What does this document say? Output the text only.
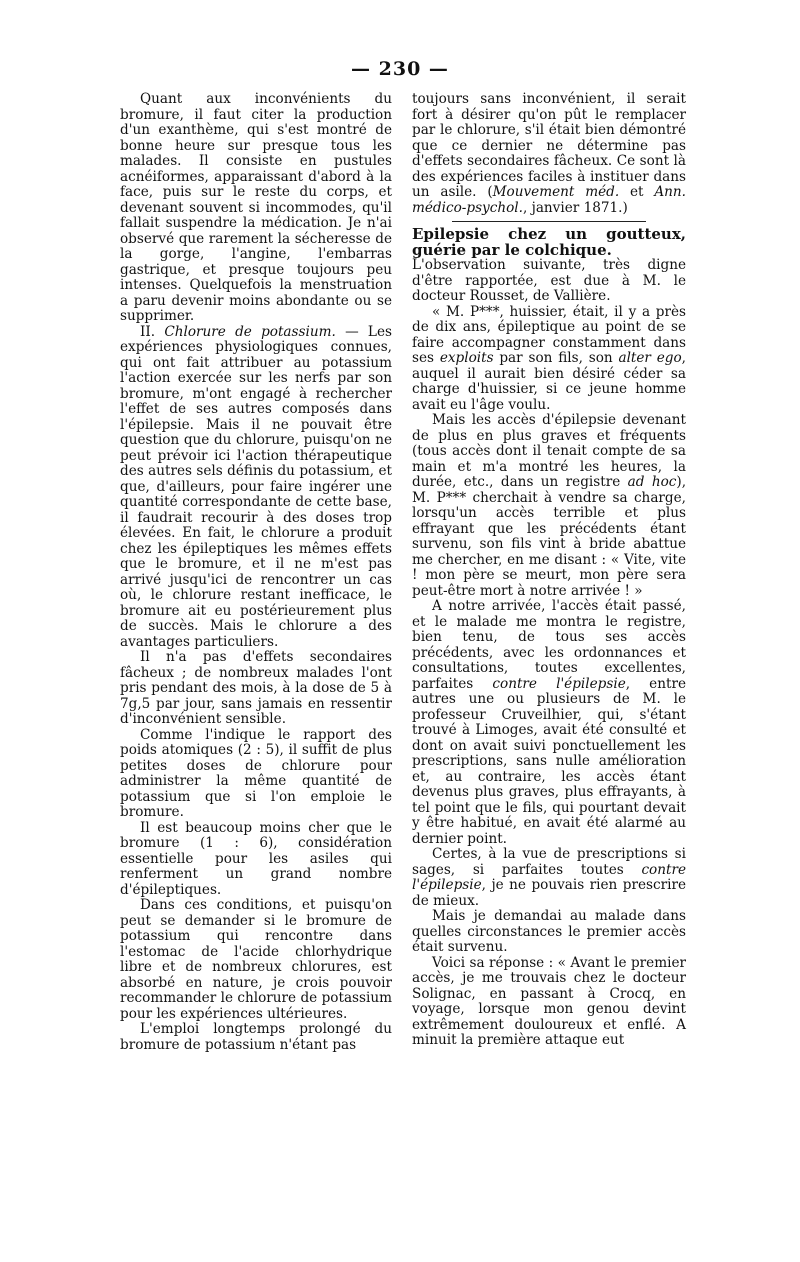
— 230 —

Quant aux inconvénients du bromure, il faut citer la production d'un exanthème, qui s'est montré de bonne heure sur presque tous les malades. Il consiste en pustules acnéiformes, apparaissant d'abord à la face, puis sur le reste du corps, et devenant souvent si incommodes, qu'il fallait suspendre la médication. Je n'ai observé que rarement la sécheresse de la gorge, l'angine, l'embarras gastrique, et presque toujours peu intenses. Quelquefois la menstruation a paru devenir moins abondante ou se supprimer.

II. Chlorure de potassium. — Les expériences physiologiques connues, qui ont fait attribuer au potassium l'action exercée sur les nerfs par son bromure, m'ont engagé à rechercher l'effet de ses autres composés dans l'épilepsie. Mais il ne pouvait être question que du chlorure, puisqu'on ne peut prévoir ici l'action thérapeutique des autres sels définis du potassium, et que, d'ailleurs, pour faire ingérer une quantité correspondante de cette base, il faudrait recourir à des doses trop élevées. En fait, le chlorure a produit chez les épileptiques les mêmes effets que le bromure, et il ne m'est pas arrivé jusqu'ici de rencontrer un cas où, le chlorure restant inefficace, le bromure ait eu postérieurement plus de succès. Mais le chlorure a des avantages particuliers.

Il n'a pas d'effets secondaires fâcheux ; de nombreux malades l'ont pris pendant des mois, à la dose de 5 à 7g,5 par jour, sans jamais en ressentir d'inconvénient sensible.

Comme l'indique le rapport des poids atomiques (2 : 5), il suffit de plus petites doses de chlorure pour administrer la même quantité de potassium que si l'on emploie le bromure.

Il est beaucoup moins cher que le bromure (1 : 6), considération essentielle pour les asiles qui renferment un grand nombre d'épileptiques.

Dans ces conditions, et puisqu'on peut se demander si le bromure de potassium qui rencontre dans l'estomac de l'acide chlorhydrique libre et de nombreux chlorures, est absorbé en nature, je crois pouvoir recommander le chlorure de potassium pour les expériences ultérieures.

L'emploi longtemps prolongé du bromure de potassium n'étant pas

toujours sans inconvénient, il serait fort à désirer qu'on pût le remplacer par le chlorure, s'il était bien démontré que ce dernier ne détermine pas d'effets secondaires fâcheux. Ce sont là des expériences faciles à instituer dans un asile. (Mouvement méd. et Ann. médico-psychol., janvier 1871.)

Epilepsie chez un goutteux, guérie par le colchique.

L'observation suivante, très digne d'être rapportée, est due à M. le docteur Rousset, de Vallière.

« M. P***, huissier, était, il y a près de dix ans, épileptique au point de se faire accompagner constamment dans ses exploits par son fils, son alter ego, auquel il aurait bien désiré céder sa charge d'huissier, si ce jeune homme avait eu l'âge voulu.

Mais les accès d'épilepsie devenant de plus en plus graves et fréquents (tous accès dont il tenait compte de sa main et m'a montré les heures, la durée, etc., dans un registre ad hoc), M. P*** cherchait à vendre sa charge, lorsqu'un accès terrible et plus effrayant que les précédents étant survenu, son fils vint à bride abattue me chercher, en me disant : « Vite, vite ! mon père se meurt, mon père sera peut-être mort à notre arrivée ! »

A notre arrivée, l'accès était passé, et le malade me montra le registre, bien tenu, de tous ses accès précédents, avec les ordonnances et consultations, toutes excellentes, parfaites contre l'épilepsie, entre autres une ou plusieurs de M. le professeur Cruveilhier, qui, s'étant trouvé à Limoges, avait été consulté et dont on avait suivi ponctuellement les prescriptions, sans nulle amélioration et, au contraire, les accès étant devenus plus graves, plus effrayants, à tel point que le fils, qui pourtant devait y être habitué, en avait été alarmé au dernier point.

Certes, à la vue de prescriptions si sages, si parfaites toutes contre l'épilepsie, je ne pouvais rien prescrire de mieux.

Mais je demandai au malade dans quelles circonstances le premier accès était survenu.

Voici sa réponse : « Avant le premier accès, je me trouvais chez le docteur Solignac, en passant à Crocq, en voyage, lorsque mon genou devint extrêmement douloureux et enflé. A minuit la première attaque eut
